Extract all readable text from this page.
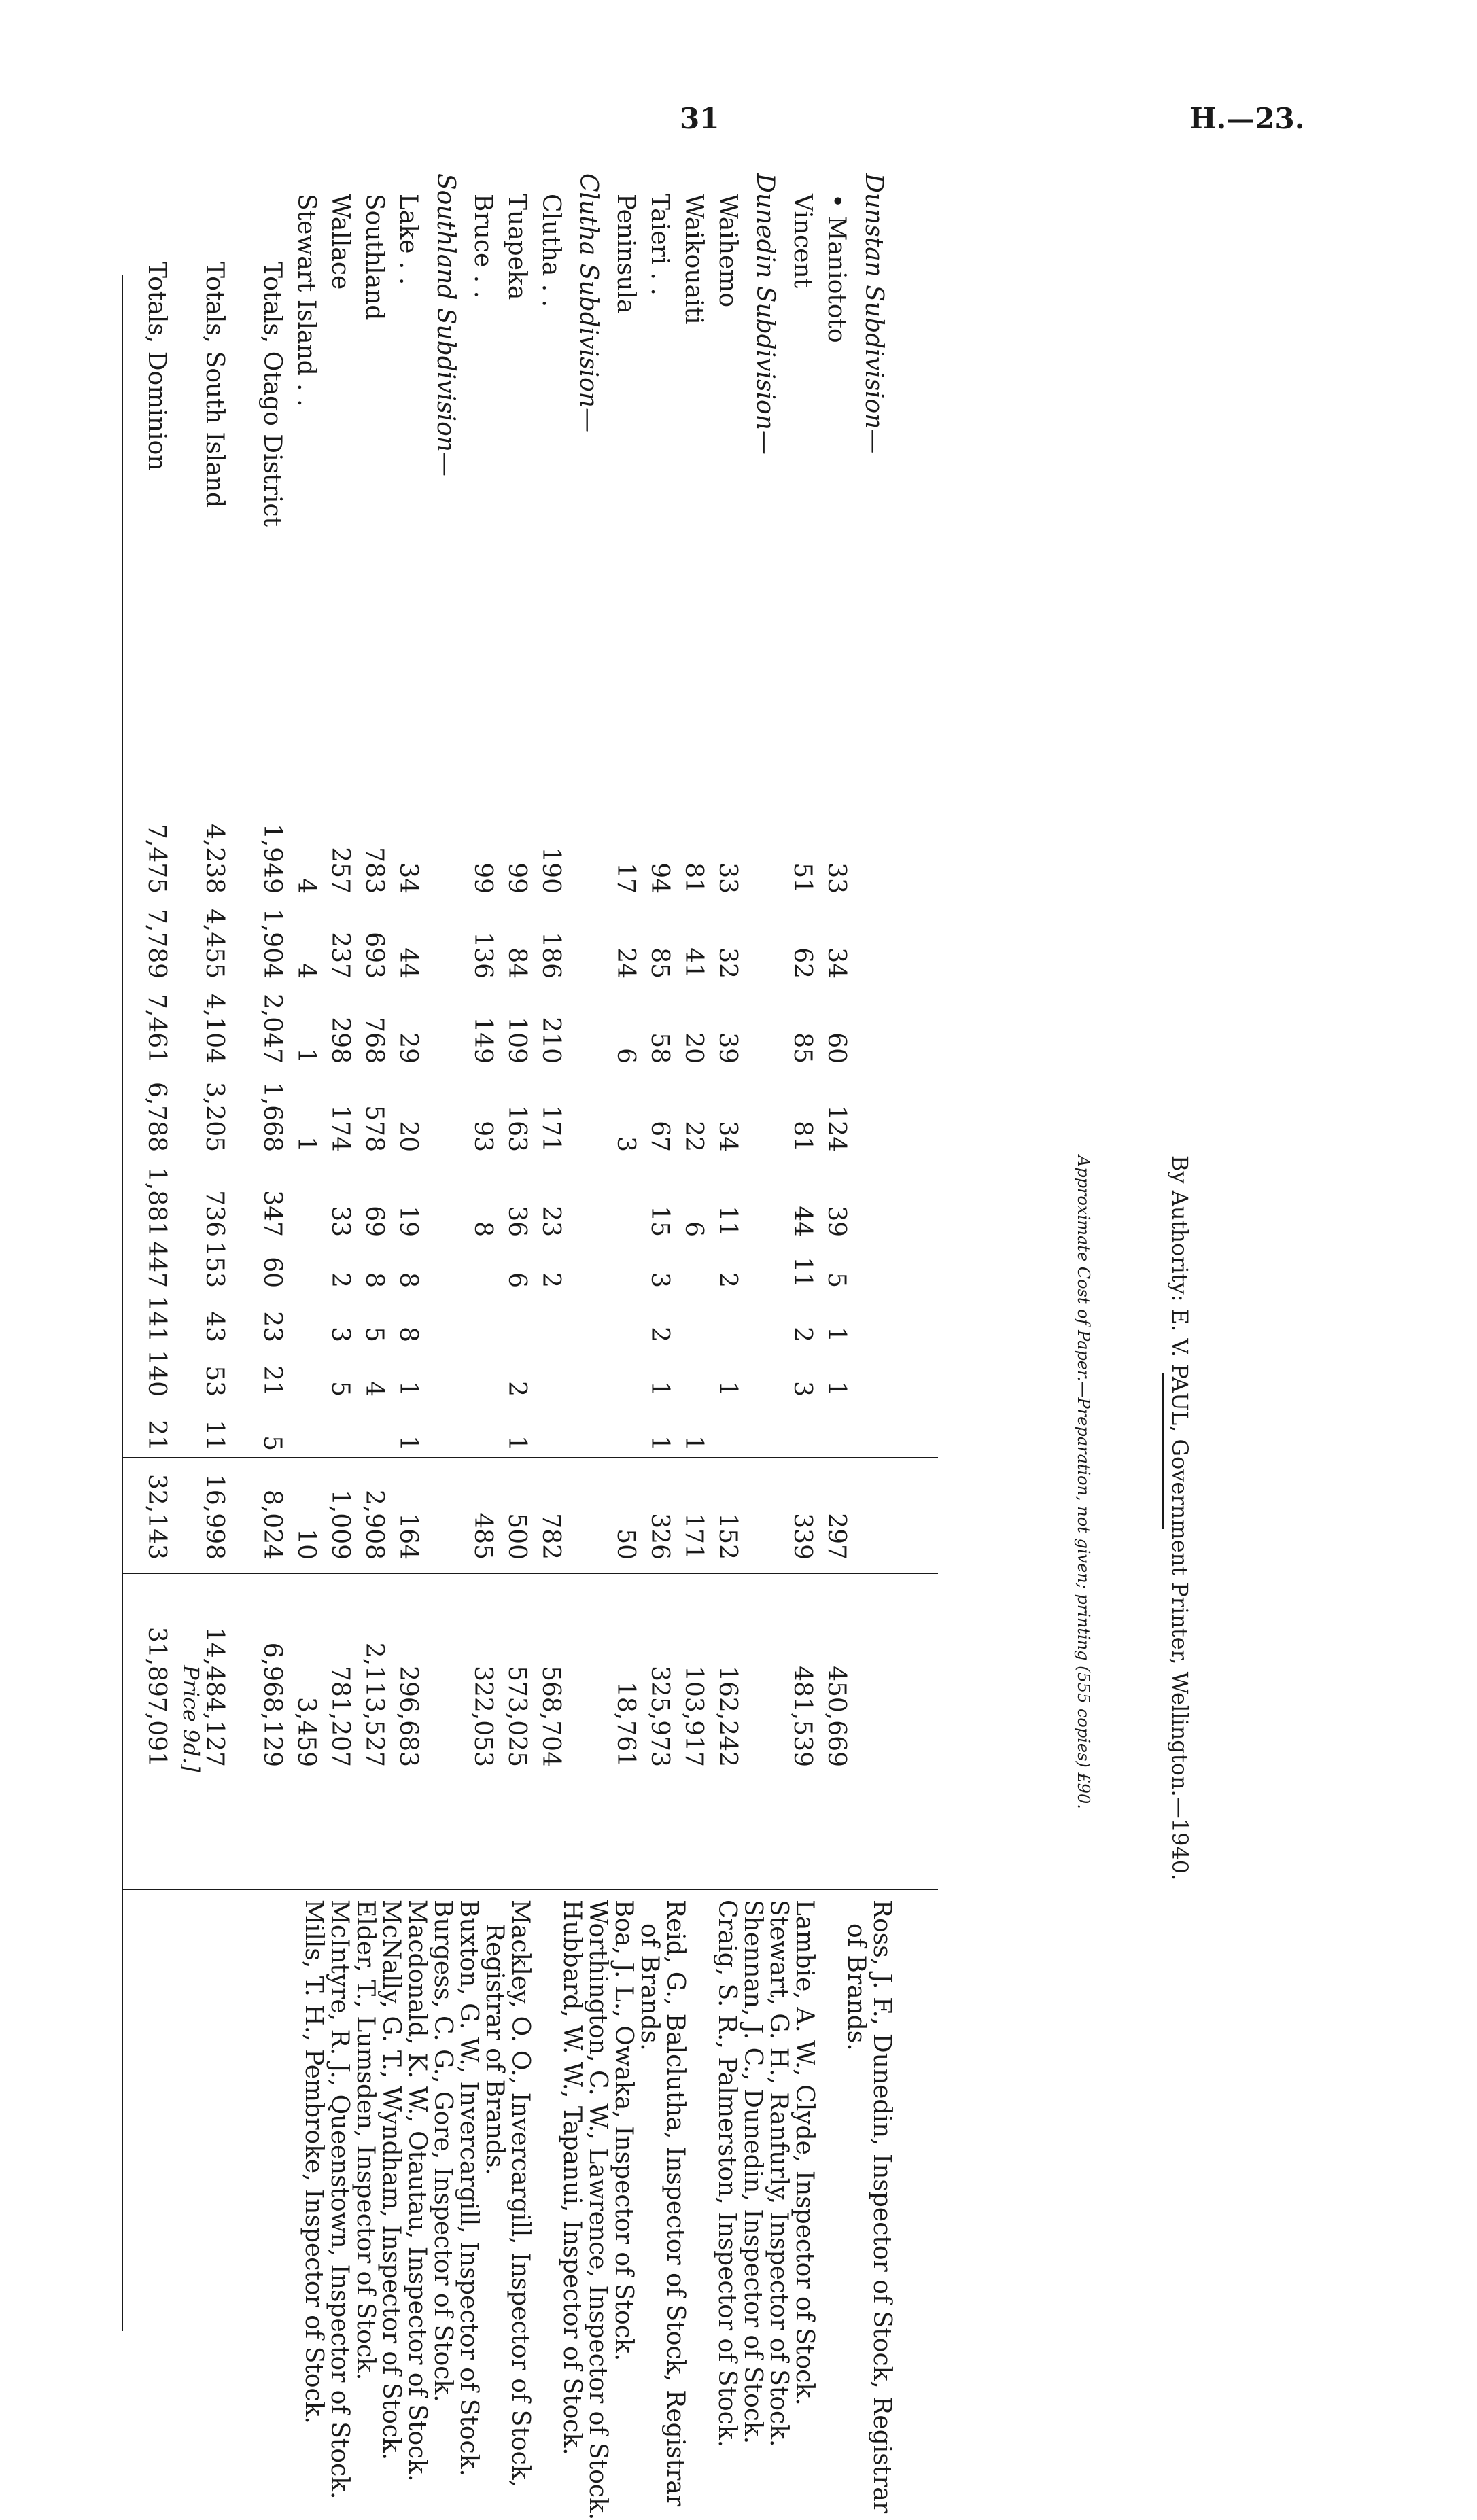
31	H.—23.
Dunstan Subdivision—
• Maniototo
33
34
60
124
39
5
1
1
297
450,669
Vincent
51
62
85
81
44
11
2
3
339
481,539
Dunedin Subdivision—
Waihemo
33
32
39
34
11
2
1
152
162,242
Waikouaiti
81
41
20
22
6
1
171
103,917
Taieri . .
94
85
58
67
15
3
2
1
1
326
325,973
Peninsula
17
24
6
3
50
18,761
Clutha Subdivision—
Clutha . .
190
186
210
171
23
2
782
568,704
Tuapeka
99
84
109
163
36
6
2
1
500
573,025
Bruce . .
99
136
149
93
8
485
322,053
Southland Subdivision—
Lake . .
34
44
29
20
19
8
8
1
1
164
296,683
Southland
783
693
768
578
69
8
5
4
2,908
2,113,527
Wallace
257
237
298
174
33
2
3
5
1,009
781,207
Stewart Island . .
4
4
1
1
10
3,459
Totals, Otago District
1,949
1,904
2,047
1,668
347
60
23
21
5
8,024
6,968,129
Totals, South Island
4,238
4,455
4,104
3,205
736
153
43
53
11
16,998
14,484,127
Totals, Dominion
7,475
7,789
7,461
6,788
1,881
447
141
140
21
32,143
31,897,091
Ross, J. F., Dunedin, Inspector of Stock, Registrar
of Brands.
Lambie, A. W., Clyde, Inspector of Stock.
Stewart, G. H., Ranfurly, Inspector of Stock.
Shennan, J. C., Dunedin, Inspector of Stock.
Craig, S. R., Palmerston, Inspector of Stock.
Reid, G., Balclutha, Inspector of Stock, Registrar
of Brands.
Boa, J. L., Owaka, Inspector of Stock.
Worthington, C. W., Lawrence, Inspector of Stock.
Hubbard, W. W., Tapanui, Inspector of Stock.
Mackley, O. O., Invercargill, Inspector of Stock,
Registrar of Brands.
Buxton, G. W., Invercargill, Inspector of Stock.
Burgess, C. G., Gore, Inspector of Stock.
Macdonald, K. W., Otautau, Inspector of Stock.
McNally, G. T., Wyndham, Inspector of Stock.
Elder, T., Lumsden, Inspector of Stock.
McIntyre, R. J., Queenstown, Inspector of Stock.
Mills, T. H., Pembroke, Inspector of Stock.
Approximate Cost of Paper.—Preparation, not given; printing (555 copies) £90.	By Authority: E. V. PAUL, Government Printer, Wellington.—1940.
Price 9d.]
